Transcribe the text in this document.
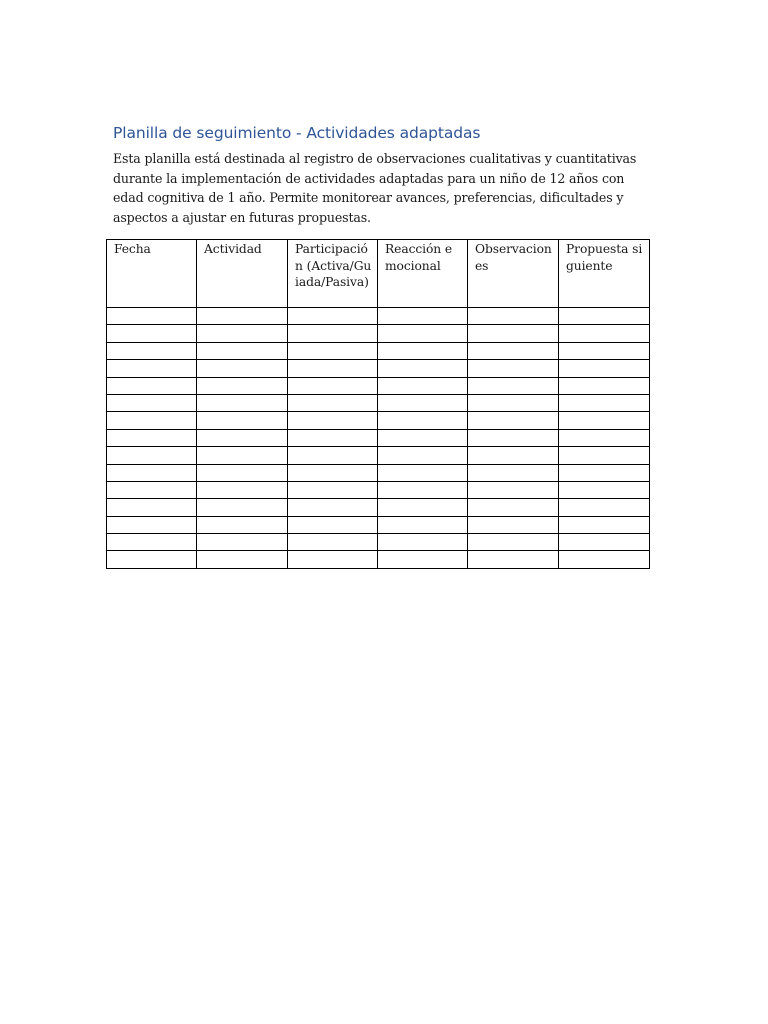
Planilla de seguimiento - Actividades adaptadas

Esta planilla está destinada al registro de observaciones cualitativas y cuantitativas durante la implementación de actividades adaptadas para un niño de 12 años con edad cognitiva de 1 año. Permite monitorear avances, preferencias, dificultades y aspectos a ajustar en futuras propuestas.

Fecha	Actividad	Participación (Activa/Guiada/Pasiva)	Reacción emocional	Observaciones	Propuesta siguiente
